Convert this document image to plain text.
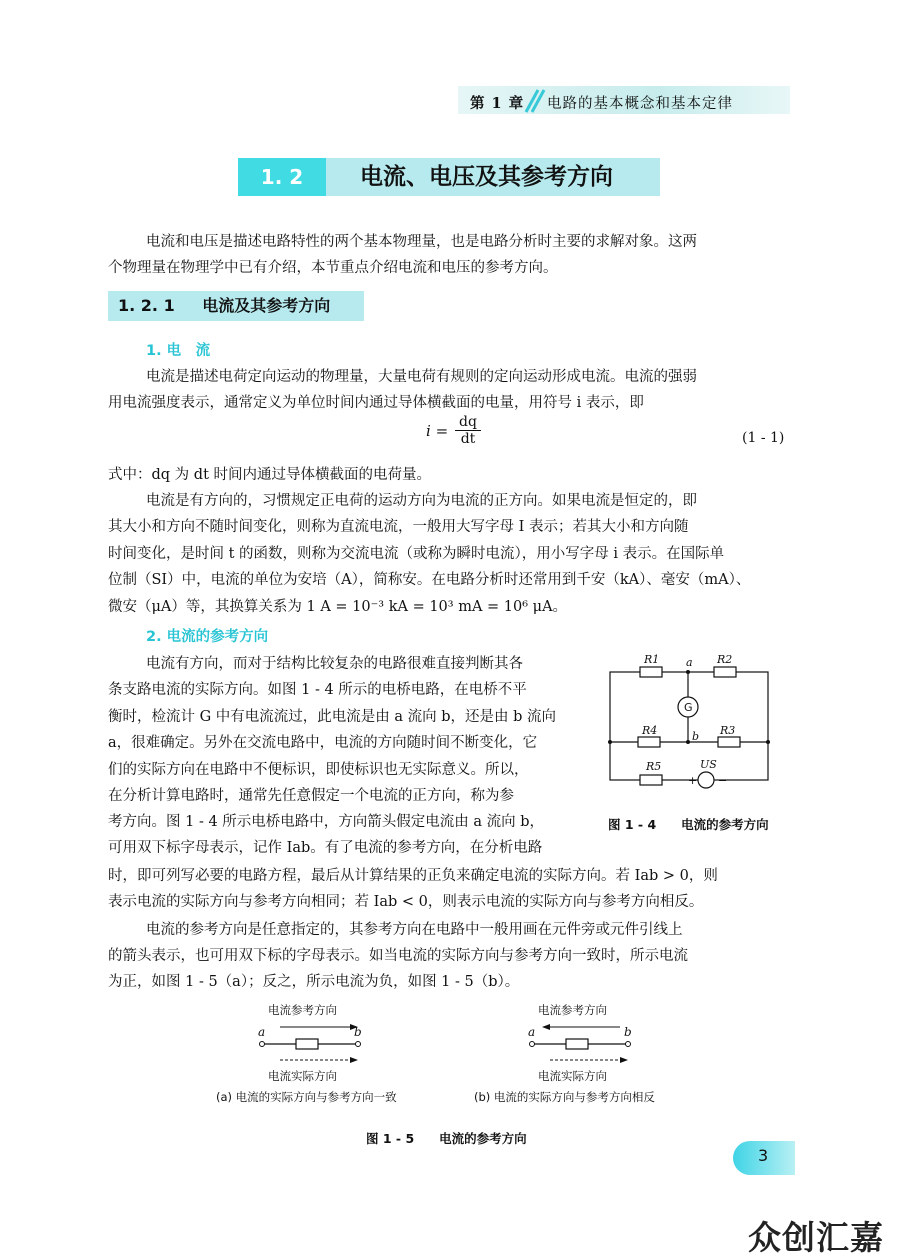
第 1 章 电路的基本概念和基本定律
1. 2	电流、电压及其参考方向
电流和电压是描述电路特性的两个基本物理量，也是电路分析时主要的求解对象。这两
个物理量在物理学中已有介绍，本节重点介绍电流和电压的参考方向。
1. 2. 1 电流及其参考方向
1. 电　流
电流是描述电荷定向运动的物理量，大量电荷有规则的定向运动形成电流。电流的强弱
用电流强度表示，通常定义为单位时间内通过导体横截面的电量，用符号 i 表示，即
$i = \frac{dq}{dt}$	(1 - 1)
式中：dq 为 dt 时间内通过导体横截面的电荷量。
电流是有方向的，习惯规定正电荷的运动方向为电流的正方向。如果电流是恒定的，即
其大小和方向不随时间变化，则称为直流电流，一般用大写字母 I 表示；若其大小和方向随
时间变化，是时间 t 的函数，则称为交流电流（或称为瞬时电流），用小写字母 i 表示。在国际单
位制（SI）中，电流的单位为安培（A），简称安。在电路分析时还常用到千安（kA）、毫安（mA）、
微安（μA）等，其换算关系为 1 A = 10⁻³ kA = 10³ mA = 10⁶ μA。
2. 电流的参考方向
电流有方向，而对于结构比较复杂的电路很难直接判断其各
条支路电流的实际方向。如图 1 - 4 所示的电桥电路，在电桥不平
衡时，检流计 G 中有电流流过，此电流是由 a 流向 b，还是由 b 流向
a，很难确定。另外在交流电路中，电流的方向随时间不断变化，它
们的实际方向在电路中不便标识，即使标识也无实际意义。所以，
在分析计算电路时，通常先任意假定一个电流的正方向，称为参
考方向。图 1 - 4 所示电桥电路中，方向箭头假定电流由 a 流向 b，
可用双下标字母表示，记作 Iab。有了电流的参考方向，在分析电路
时，即可列写必要的电路方程，最后从计算结果的正负来确定电流的实际方向。若 Iab > 0，则
表示电流的实际方向与参考方向相同；若 Iab < 0，则表示电流的实际方向与参考方向相反。
电流的参考方向是任意指定的，其参考方向在电路中一般用画在元件旁或元件引线上
的箭头表示，也可用双下标的字母表示。如当电流的实际方向与参考方向一致时，所示电流
为正，如图 1 - 5（a）；反之，所示电流为负，如图 1 - 5（b）。
R1	R2
R4	R3
R5
a
b
US
G
+ −
图 1 - 4　　电流的参考方向
电流参考方向
a	b
电流实际方向
(a) 电流的实际方向与参考方向一致
电流参考方向
a	b
电流实际方向
(b) 电流的实际方向与参考方向相反
图 1 - 5　　电流的参考方向
3
众创汇嘉
